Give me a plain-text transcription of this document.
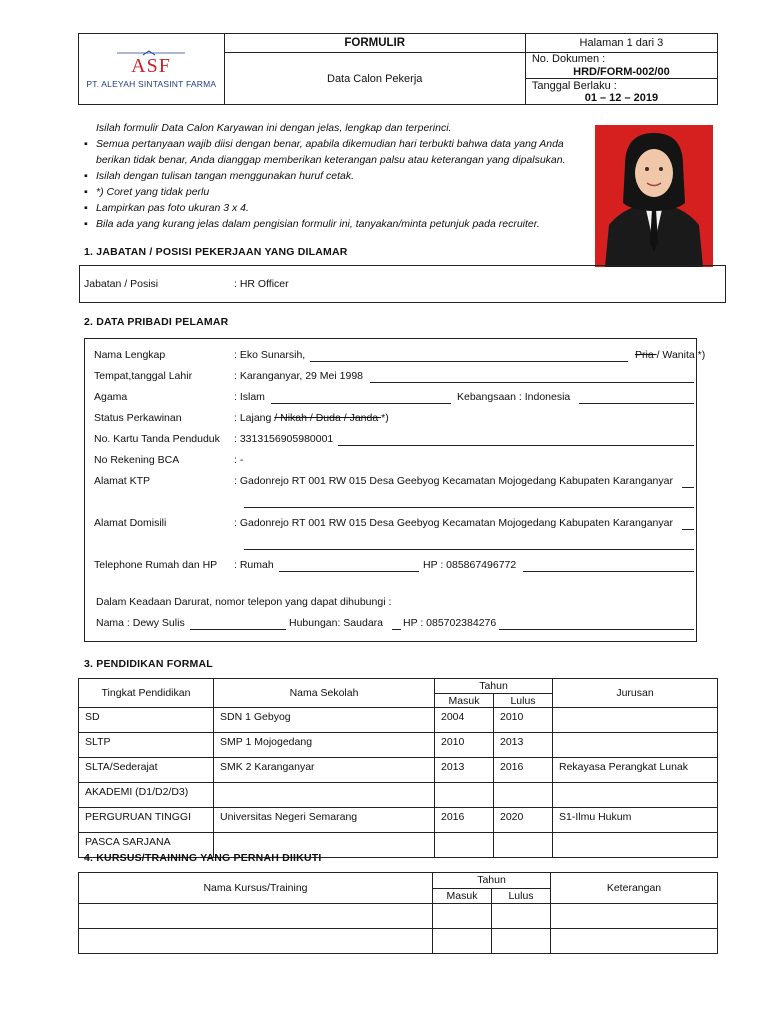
ASF
PT. ALEYAH SINTASINT FARMA	FORMULIR	Halaman 1 dari 3
	Data Calon Pekerja	No. Dokumen :
		HRD/FORM-002/00

		Tanggal Berlaku :
01 – 12 – 2019
Isilah formulir Data Calon Karyawan ini dengan jelas, lengkap dan terperinci.
▪ Semua pertanyaan wajib diisi dengan benar, apabila dikemudian hari terbukti bahwa data yang Anda berikan tidak benar, Anda dianggap memberikan keterangan palsu atau keterangan yang dipalsukan.
▪ Isilah dengan tulisan tangan menggunakan huruf cetak.
▪ *) Coret yang tidak perlu
▪ Lampirkan pas foto ukuran 3 x 4.
▪ Bila ada yang kurang jelas dalam pengisian formulir ini, tanyakan/minta petunjuk pada recruiter.
1. JABATAN / POSISI PEKERJAAN YANG DILAMAR
Jabatan / Posisi	: HR Officer
2. DATA PRIBADI PELAMAR
Nama Lengkap	: Eko Sunarsih,	Pria / Wanita *)
Tempat,tanggal Lahir	: Karanganyar, 29 Mei 1998
Agama	: Islam	Kebangsaan : Indonesia
Status Perkawinan	: Lajang / Nikah / Duda / Janda *)
No. Kartu Tanda Penduduk : 3313156905980001
No Rekening BCA	: -
Alamat KTP	: Gadonrejo RT 001 RW 015 Desa Geebyog Kecamatan Mojogedang Kabupaten Karanganyar
Alamat Domisili	: Gadonrejo RT 001 RW 015 Desa Geebyog Kecamatan Mojogedang Kabupaten Karanganyar
Telephone Rumah dan HP : Rumah	HP : 085867496772
Dalam Keadaan Darurat, nomor telepon yang dapat dihubungi :
Nama : Dewy Sulis	Hubungan: Saudara HP : 085702384276
3. PENDIDIKAN FORMAL
Tingkat Pendidikan	Nama Sekolah	Tahun		Jurusan
		Masuk	Lulus	
SD	SDN 1 Gebyog	2004	2010	
SLTP	SMP 1 Mojogedang	2010	2013	
SLTA/Sederajat	SMK 2 Karanganyar	2013	2016	Rekayasa Perangkat Lunak
AKADEMI (D1/D2/D3)				
PERGURUAN TINGGI	Universitas Negeri Semarang	2016	2020	S1-Ilmu Hukum
PASCA SARJANA				
4. KURSUS/TRAINING YANG PERNAH DIIKUTI
Nama Kursus/Training	Tahun		Keterangan
	Masuk	Lulus	
